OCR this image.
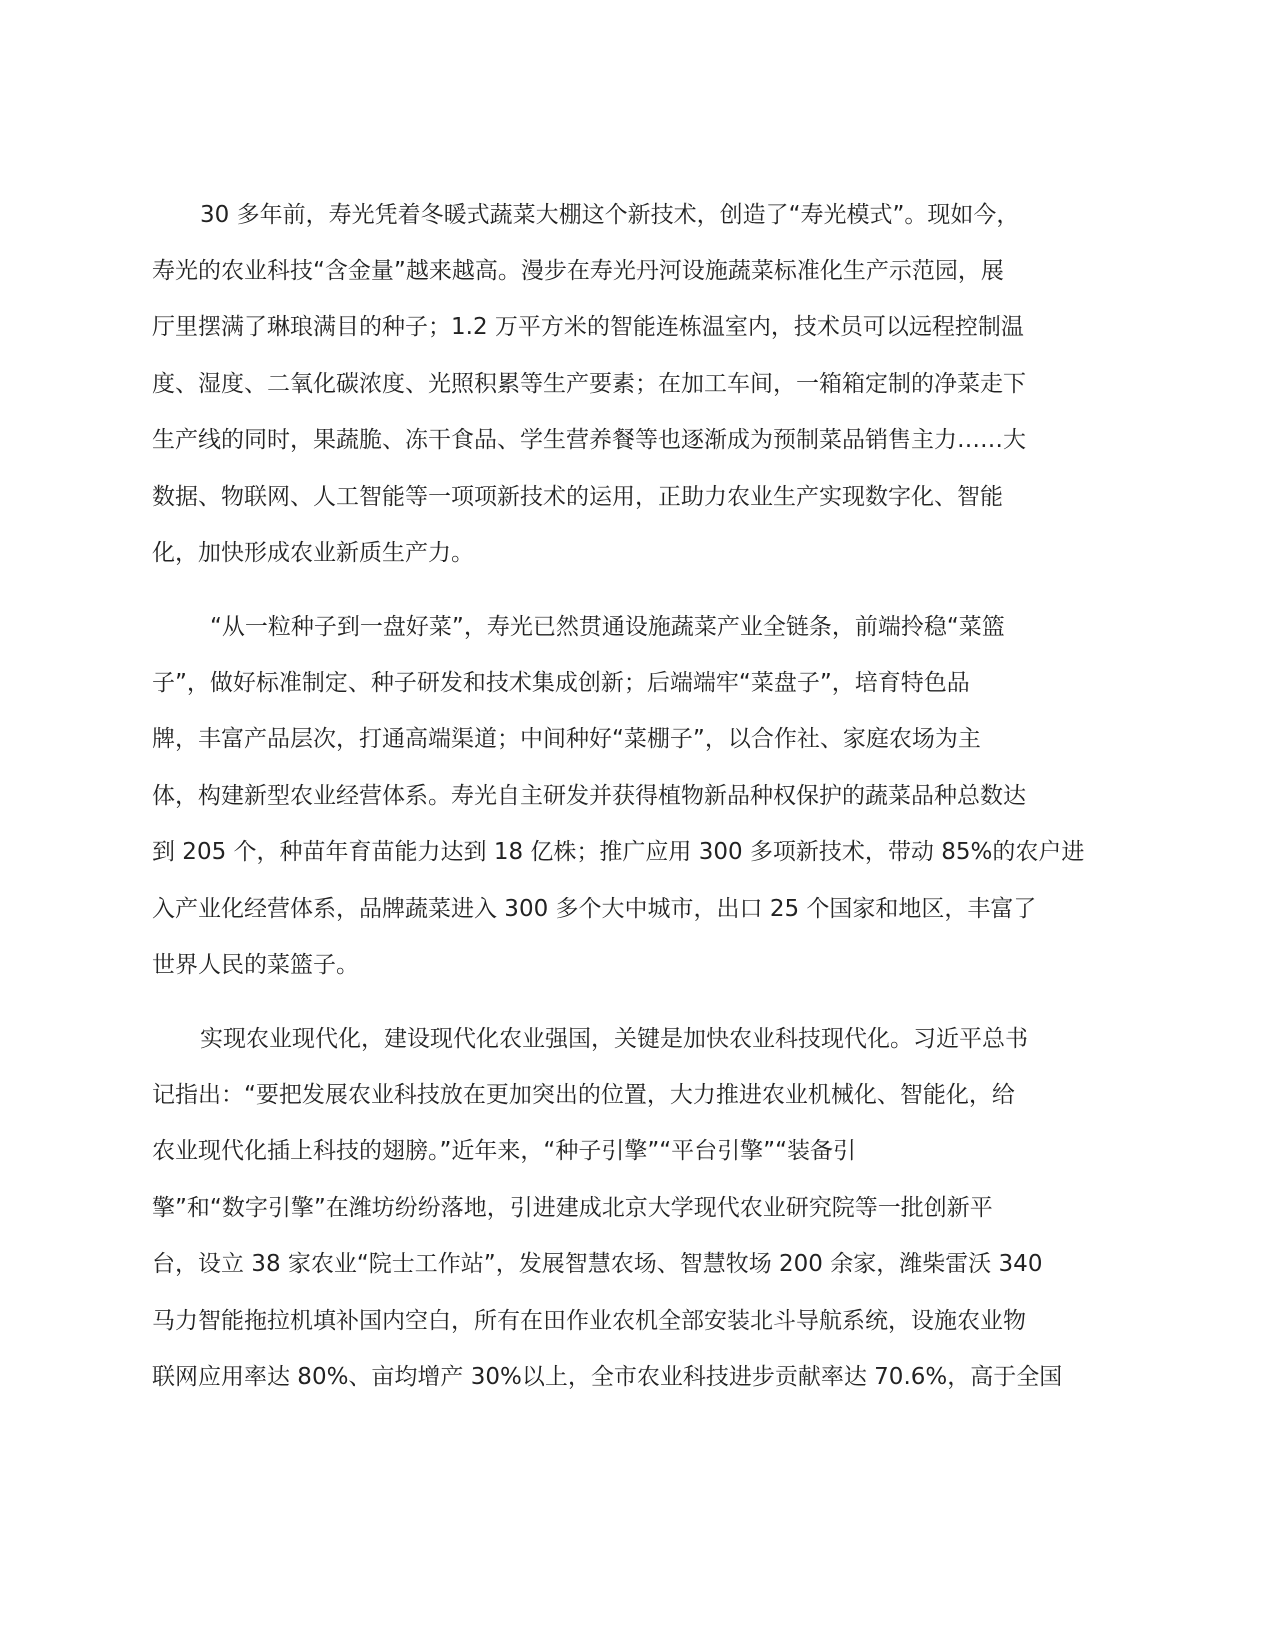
30 多年前，寿光凭着冬暖式蔬菜大棚这个新技术，创造了“寿光模式”。现如今，

寿光的农业科技“含金量”越来越高。漫步在寿光丹河设施蔬菜标准化生产示范园，展

厅里摆满了琳琅满目的种子；1.2 万平方米的智能连栋温室内，技术员可以远程控制温

度、湿度、二氧化碳浓度、光照积累等生产要素；在加工车间，一箱箱定制的净菜走下

生产线的同时，果蔬脆、冻干食品、学生营养餐等也逐渐成为预制菜品销售主力……大

数据、物联网、人工智能等一项项新技术的运用，正助力农业生产实现数字化、智能

化，加快形成农业新质生产力。

“从一粒种子到一盘好菜”，寿光已然贯通设施蔬菜产业全链条，前端拎稳“菜篮

子”，做好标准制定、种子研发和技术集成创新；后端端牢“菜盘子”，培育特色品

牌，丰富产品层次，打通高端渠道；中间种好“菜棚子”，以合作社、家庭农场为主

体，构建新型农业经营体系。寿光自主研发并获得植物新品种权保护的蔬菜品种总数达

到 205 个，种苗年育苗能力达到 18 亿株；推广应用 300 多项新技术，带动 85%的农户进

入产业化经营体系，品牌蔬菜进入 300 多个大中城市，出口 25 个国家和地区，丰富了

世界人民的菜篮子。

实现农业现代化，建设现代化农业强国，关键是加快农业科技现代化。习近平总书

记指出：“要把发展农业科技放在更加突出的位置，大力推进农业机械化、智能化，给

农业现代化插上科技的翅膀。”近年来，“种子引擎”“平台引擎”“装备引

擎”和“数字引擎”在潍坊纷纷落地，引进建成北京大学现代农业研究院等一批创新平

台，设立 38 家农业“院士工作站”，发展智慧农场、智慧牧场 200 余家，潍柴雷沃 340

马力智能拖拉机填补国内空白，所有在田作业农机全部安装北斗导航系统，设施农业物

联网应用率达 80%、亩均增产 30%以上，全市农业科技进步贡献率达 70.6%，高于全国
